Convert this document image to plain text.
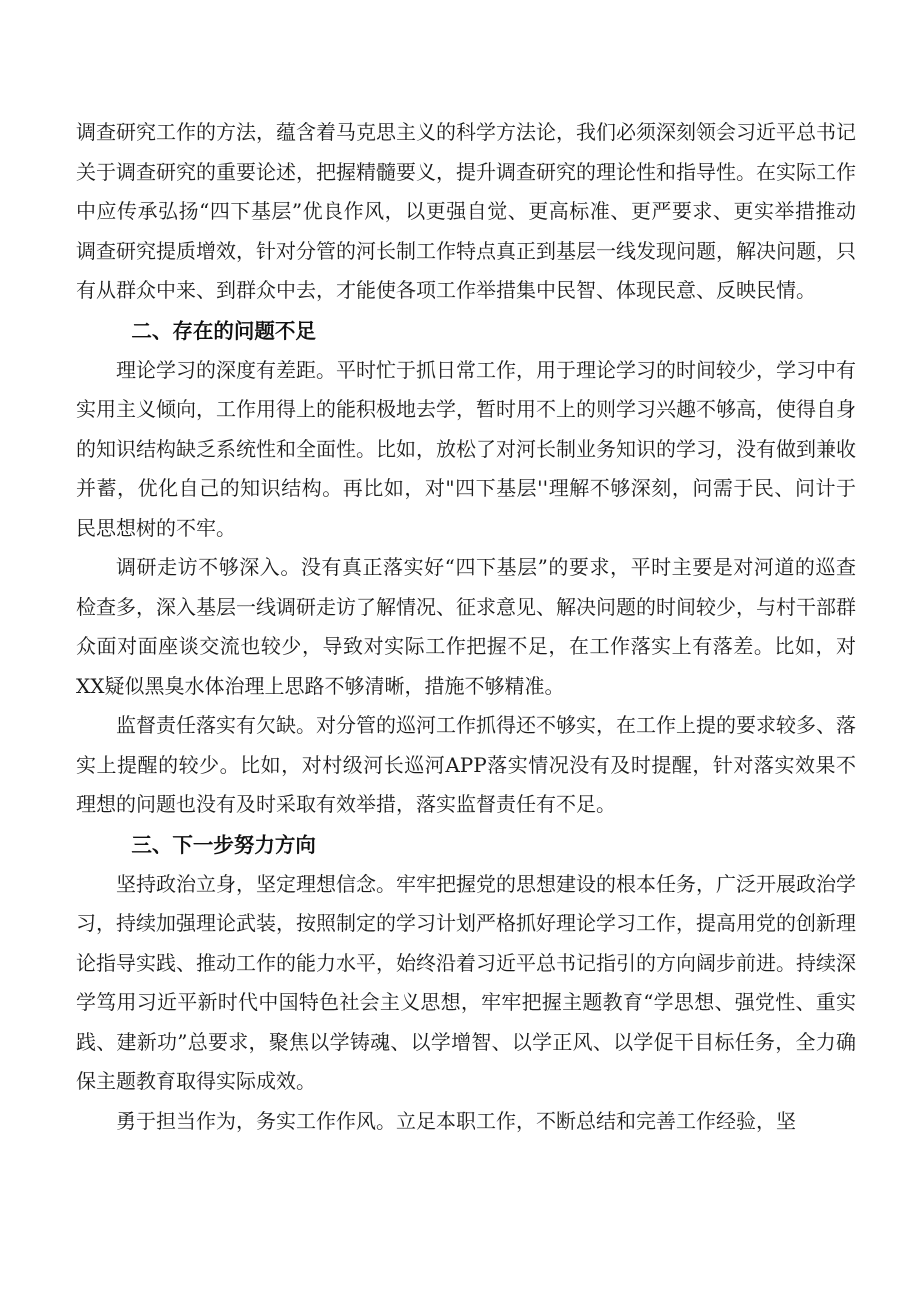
调查研究工作的方法，蕴含着马克思主义的科学方法论，我们必须深刻领会习近平总书记关于调查研究的重要论述，把握精髓要义，提升调查研究的理论性和指导性。在实际工作中应传承弘扬“四下基层”优良作风，以更强自觉、更高标准、更严要求、更实举措推动调查研究提质增效，针对分管的河长制工作特点真正到基层一线发现问题，解决问题，只有从群众中来、到群众中去，才能使各项工作举措集中民智、体现民意、反映民情。

二、存在的问题不足

理论学习的深度有差距。平时忙于抓日常工作，用于理论学习的时间较少，学习中有实用主义倾向，工作用得上的能积极地去学，暂时用不上的则学习兴趣不够高，使得自身的知识结构缺乏系统性和全面性。比如，放松了对河长制业务知识的学习，没有做到兼收并蓄，优化自己的知识结构。再比如，对"四下基层''理解不够深刻，问需于民、问计于民思想树的不牢。

调研走访不够深入。没有真正落实好“四下基层”的要求，平时主要是对河道的巡查检查多，深入基层一线调研走访了解情况、征求意见、解决问题的时间较少，与村干部群众面对面座谈交流也较少，导致对实际工作把握不足，在工作落实上有落差。比如，对XX疑似黑臭水体治理上思路不够清晰，措施不够精准。

监督责任落实有欠缺。对分管的巡河工作抓得还不够实，在工作上提的要求较多、落实上提醒的较少。比如，对村级河长巡河APP落实情况没有及时提醒，针对落实效果不理想的问题也没有及时采取有效举措，落实监督责任有不足。

三、下一步努力方向

坚持政治立身，坚定理想信念。牢牢把握党的思想建设的根本任务，广泛开展政治学习，持续加强理论武装，按照制定的学习计划严格抓好理论学习工作，提高用党的创新理论指导实践、推动工作的能力水平，始终沿着习近平总书记指引的方向阔步前进。持续深学笃用习近平新时代中国特色社会主义思想，牢牢把握主题教育“学思想、强党性、重实践、建新功”总要求，聚焦以学铸魂、以学增智、以学正风、以学促干目标任务，全力确保主题教育取得实际成效。

勇于担当作为，务实工作作风。立足本职工作，不断总结和完善工作经验，坚
